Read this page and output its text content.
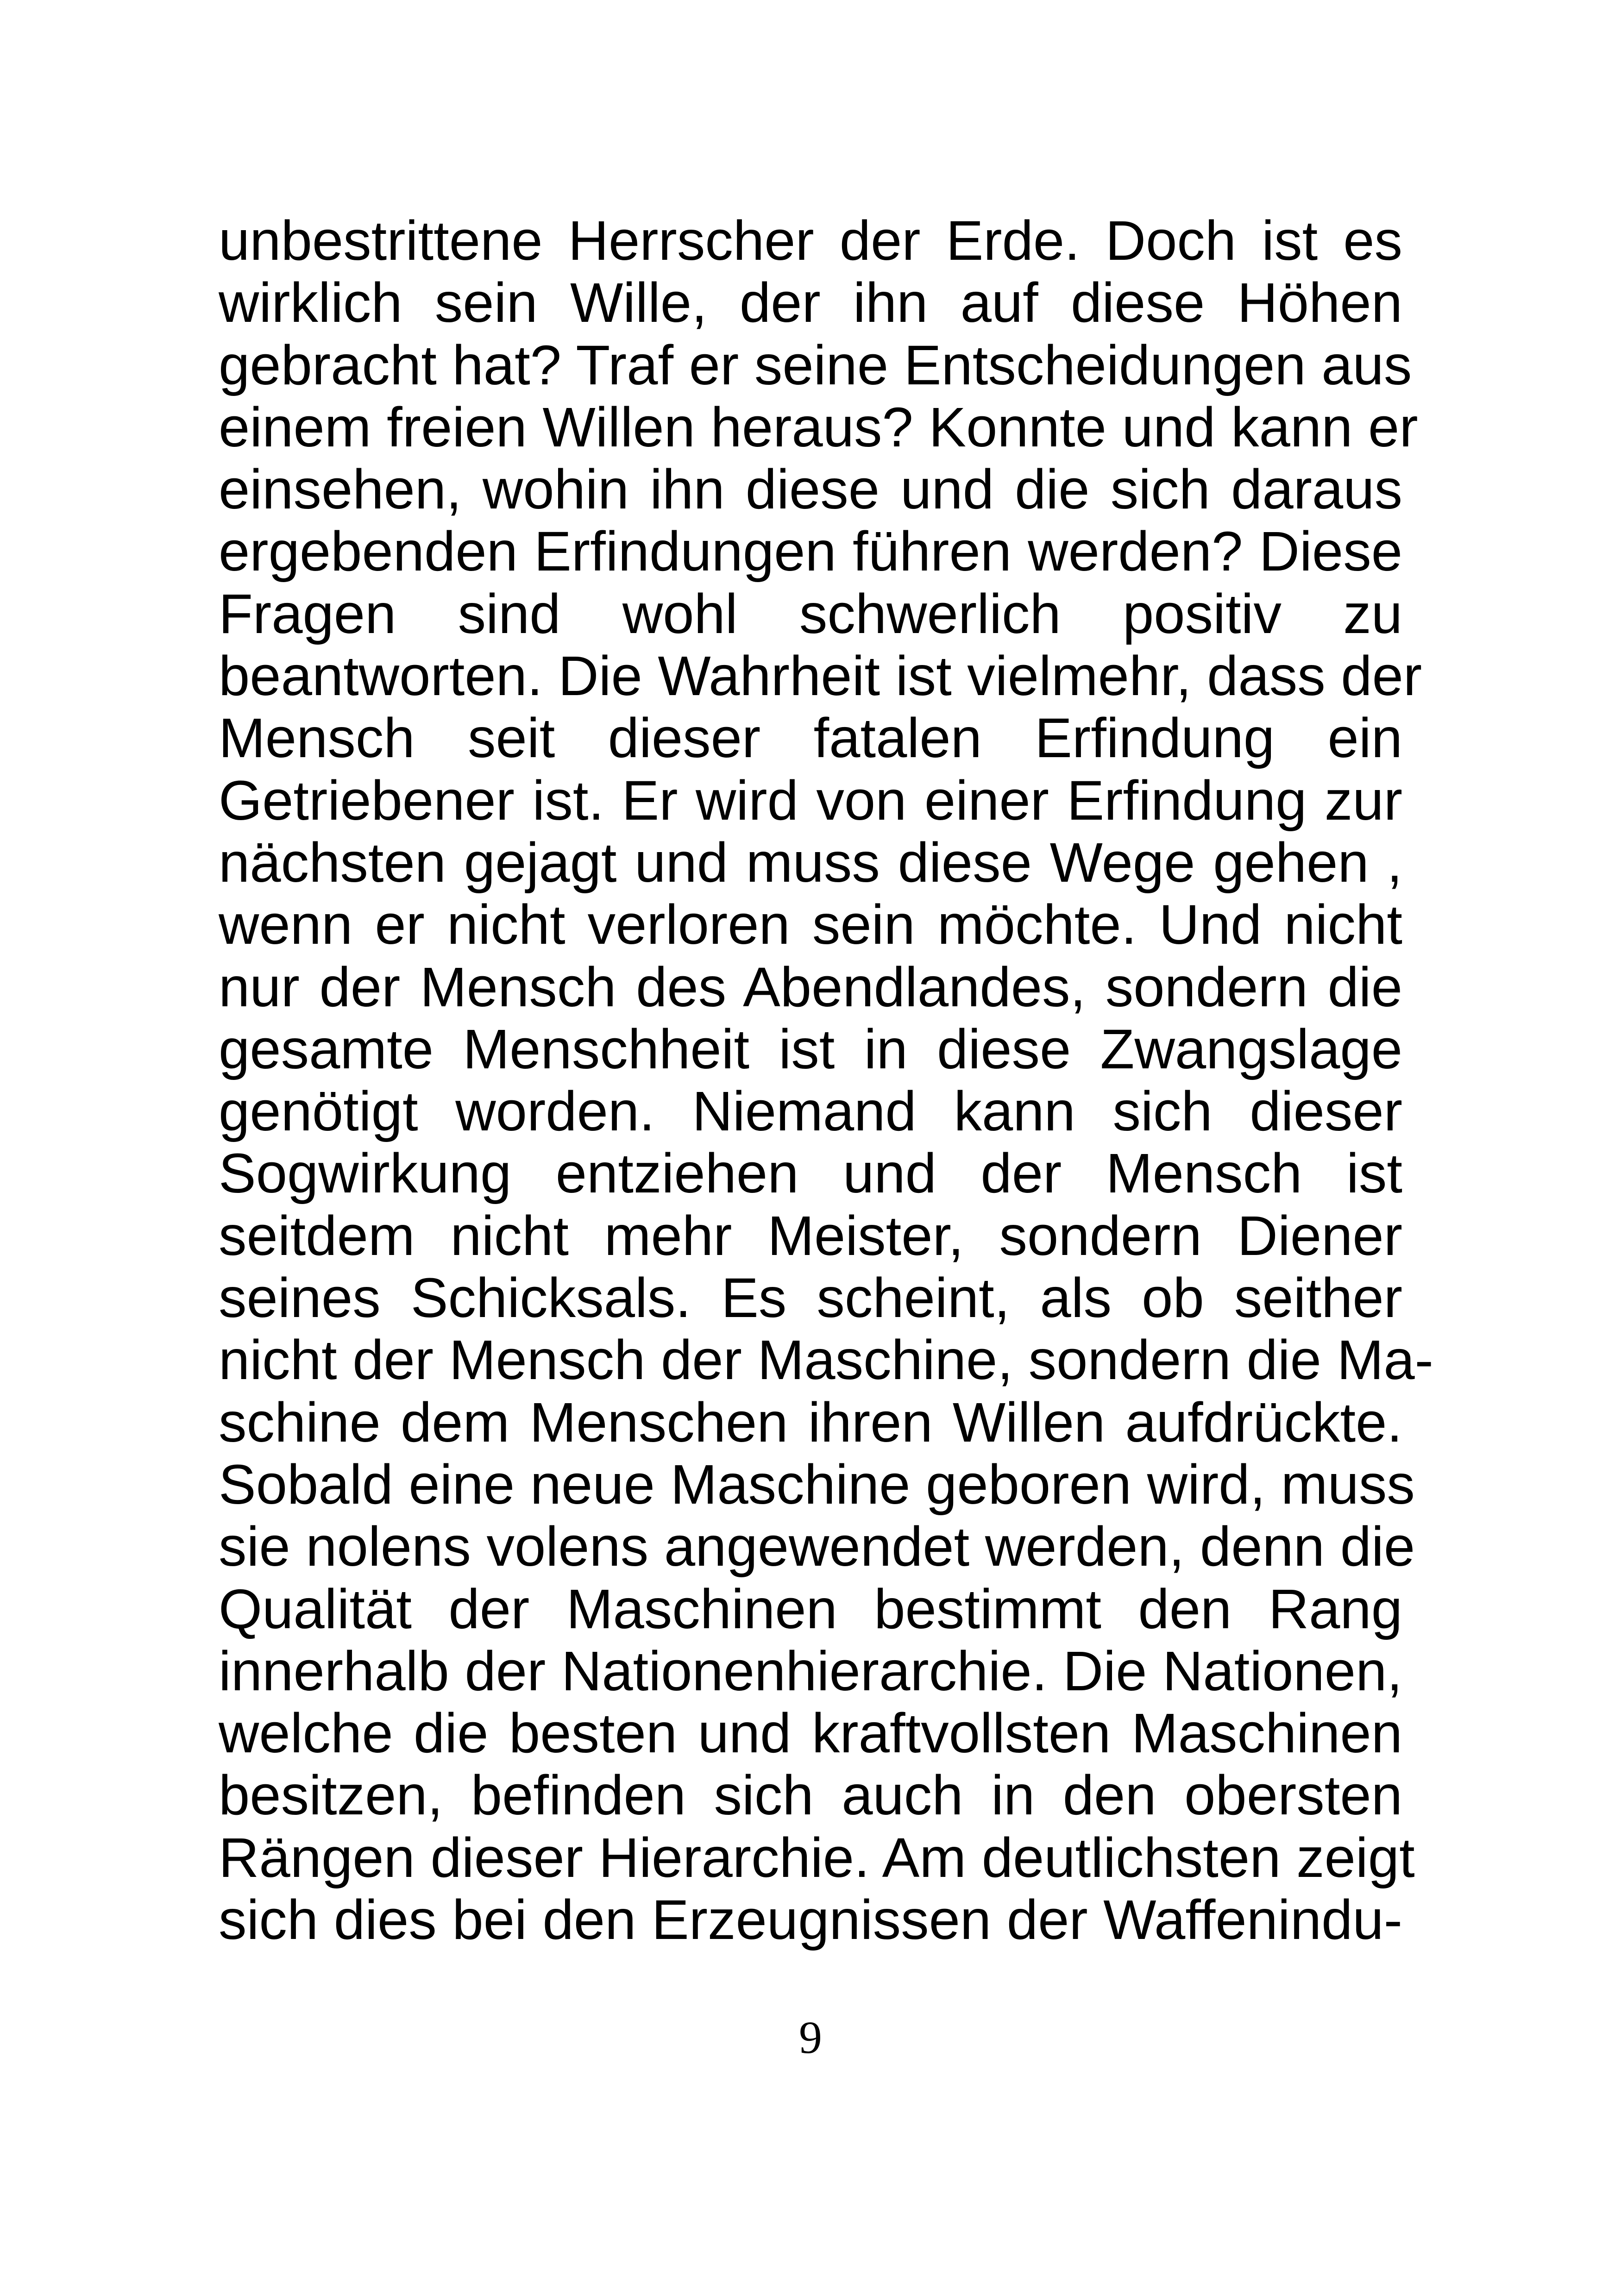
unbestrittene Herrscher der Erde. Doch ist es
wirklich sein Wille, der ihn auf diese Höhen
gebracht hat? Traf er seine Entscheidungen aus
einem freien Willen heraus? Konnte und kann er
einsehen, wohin ihn diese und die sich daraus
ergebenden Erfindungen führen werden? Diese
Fragen sind wohl schwerlich positiv zu
beantworten. Die Wahrheit ist vielmehr, dass der
Mensch seit dieser fatalen Erfindung ein
Getriebener ist. Er wird von einer Erfindung zur
nächsten gejagt und muss diese Wege gehen ,
wenn er nicht verloren sein möchte. Und nicht
nur der Mensch des Abendlandes, sondern die
gesamte Menschheit ist in diese Zwangslage
genötigt worden. Niemand kann sich dieser
Sogwirkung entziehen und der Mensch ist
seitdem nicht mehr Meister, sondern Diener
seines Schicksals. Es scheint, als ob seither
nicht der Mensch der Maschine, sondern die Ma-
schine dem Menschen ihren Willen aufdrückte.
Sobald eine neue Maschine geboren wird, muss
sie nolens volens angewendet werden, denn die
Qualität der Maschinen bestimmt den Rang
innerhalb der Nationenhierarchie. Die Nationen,
welche die besten und kraftvollsten Maschinen
besitzen, befinden sich auch in den obersten
Rängen dieser Hierarchie. Am deutlichsten zeigt
sich dies bei den Erzeugnissen der Waffenindu-
9
